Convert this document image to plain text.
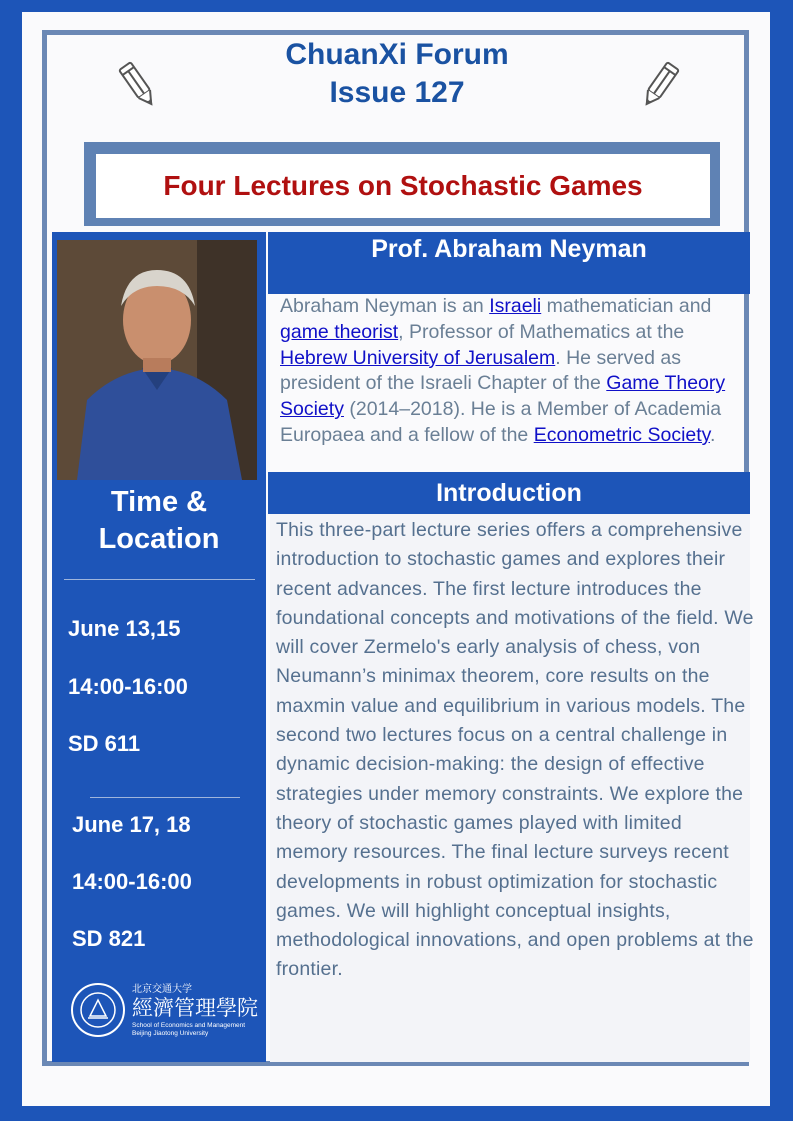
ChuanXi Forum
Issue 127
Four Lectures on Stochastic Games
Prof. Abraham Neyman
Abraham Neyman is an Israeli mathematician and game theorist, Professor of Mathematics at the Hebrew University of Jerusalem. He served as president of the Israeli Chapter of the Game Theory Society (2014–2018). He is a Member of Academia Europaea and a fellow of the Econometric Society.
Introduction
This three-part lecture series offers a comprehensive introduction to stochastic games and explores their recent advances. The first lecture introduces the foundational concepts and motivations of the field. We will cover Zermelo's early analysis of chess, von Neumann’s minimax theorem, core results on the maxmin value and equilibrium in various models. The second two lectures focus on a central challenge in dynamic decision-making: the design of effective strategies under memory constraints. We explore the theory of stochastic games played with limited memory resources. The final lecture surveys recent developments in robust optimization for stochastic games. We will highlight conceptual insights, methodological innovations, and open problems at the frontier.
Time &
Location
June 13,15
14:00-16:00
SD 611
June 17, 18
14:00-16:00
SD 821
北京交通大学
經濟管理學院
School of Economics and Management
Beijing Jiaotong University
